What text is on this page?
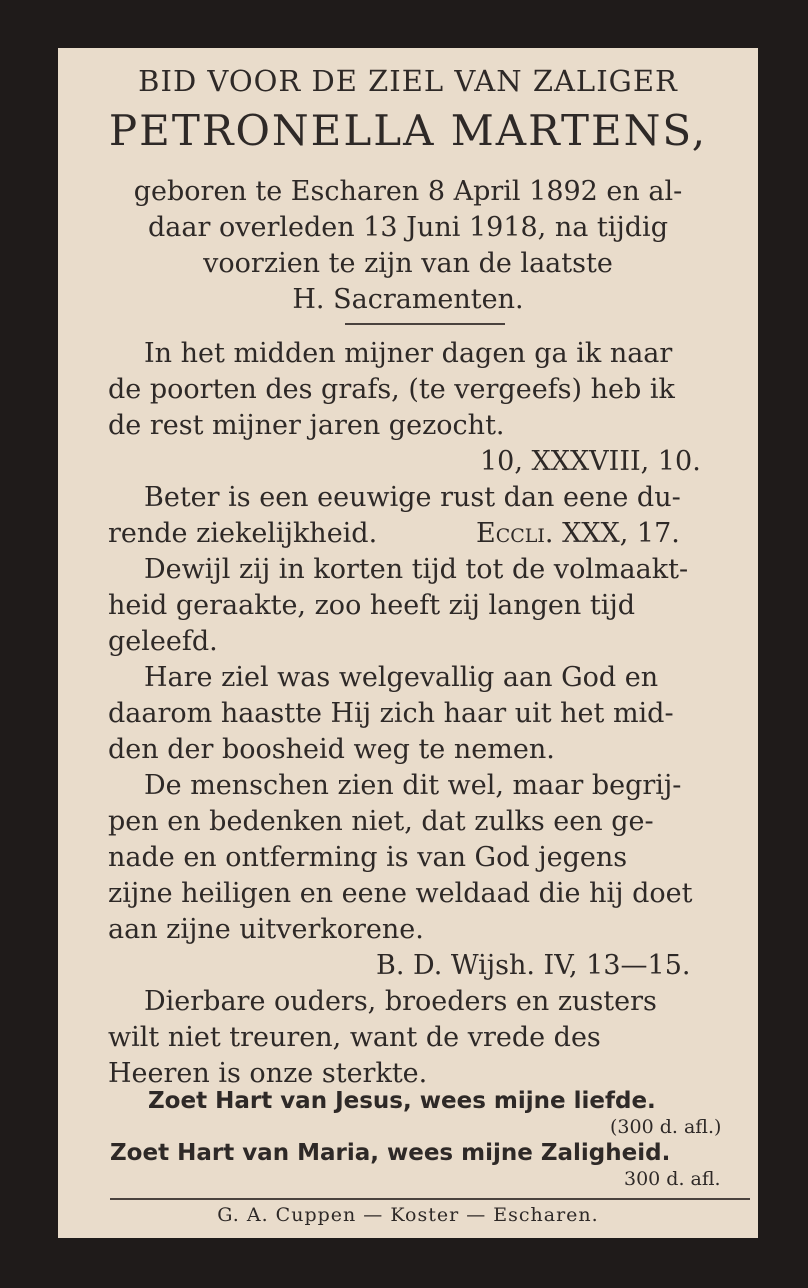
BID VOOR DE ZIEL VAN ZALIGER
PETRONELLA MARTENS,
geboren te Escharen 8 April 1892 en al-
daar overleden 13 Juni 1918, na tijdig
voorzien te zijn van de laatste
H. Sacramenten.
In het midden mijner dagen ga ik naar
de poorten des grafs, (te vergeefs) heb ik
de rest mijner jaren gezocht.
10, XXXVIII, 10.
Beter is een eeuwige rust dan eene du-
rende ziekelijkheid.	Eccli. XXX, 17.
Dewijl zij in korten tijd tot de volmaakt-
heid geraakte, zoo heeft zij langen tijd
geleefd.
Hare ziel was welgevallig aan God en
daarom haastte Hij zich haar uit het mid-
den der boosheid weg te nemen.
De menschen zien dit wel, maar begrij-
pen en bedenken niet, dat zulks een ge-
nade en ontferming is van God jegens
zijne heiligen en eene weldaad die hij doet
aan zijne uitverkorene.
B. D. Wijsh. IV, 13—15.
Dierbare ouders, broeders en zusters
wilt niet treuren, want de vrede des
Heeren is onze sterkte.
Zoet Hart van Jesus, wees mijne liefde.
(300 d. afl.)
Zoet Hart van Maria, wees mijne Zaligheid.
300 d. afl.
G. A. Cuppen — Koster — Escharen.
